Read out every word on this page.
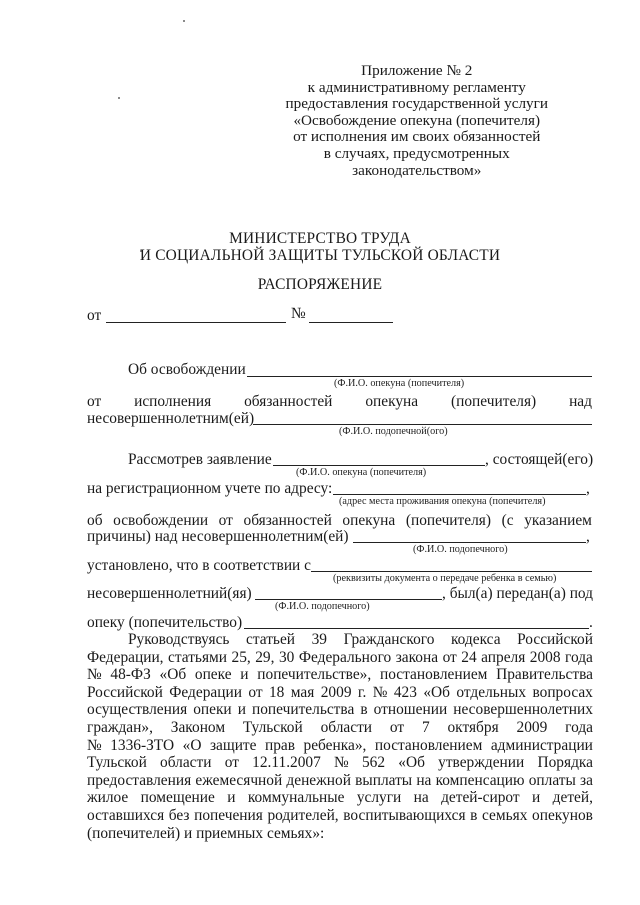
Приложение № 2
к административному регламенту
предоставления государственной услуги
«Освобождение опекуна (попечителя)
от исполнения им своих обязанностей
в случаях, предусмотренных
законодательством»
МИНИСТЕРСТВО ТРУДА
И СОЦИАЛЬНОЙ ЗАЩИТЫ ТУЛЬСКОЙ ОБЛАСТИ
РАСПОРЯЖЕНИЕ
от	№
Об освобождении
(Ф.И.О. опекуна (попечителя)
от исполнения обязанностей опекуна (попечителя) над
несовершеннолетним(ей)
(Ф.И.О. подопечной(ого)
Рассмотрев заявление	, состоящей(его)
(Ф.И.О. опекуна (попечителя)
на регистрационном учете по адресу:	,
(адрес места проживания опекуна (попечителя)
об освобождении от обязанностей опекуна (попечителя) (с указанием
причины) над несовершеннолетним(ей)	,
(Ф.И.О. подопечного)
установлено, что в соответствии с
(реквизиты документа о передаче ребенка в семью)
несовершеннолетний(яя)	, был(а) передан(а) под
(Ф.И.О. подопечного)
опеку (попечительство)	.
Руководствуясь статьей 39 Гражданского кодекса Российской
Федерации, статьями 25, 29, 30 Федерального закона от 24 апреля 2008 года
№ 48-ФЗ «Об опеке и попечительстве», постановлением Правительства
Российской Федерации от 18 мая 2009 г. № 423 «Об отдельных вопросах
осуществления опеки и попечительства в отношении несовершеннолетних
граждан», Законом Тульской области от 7 октября 2009 года
№ 1336-ЗТО «О защите прав ребенка», постановлением администрации
Тульской области от 12.11.2007 № 562 «Об утверждении Порядка
предоставления ежемесячной денежной выплаты на компенсацию оплаты за
жилое помещение и коммунальные услуги на детей-сирот и детей,
оставшихся без попечения родителей, воспитывающихся в семьях опекунов
(попечителей) и приемных семьях»:
